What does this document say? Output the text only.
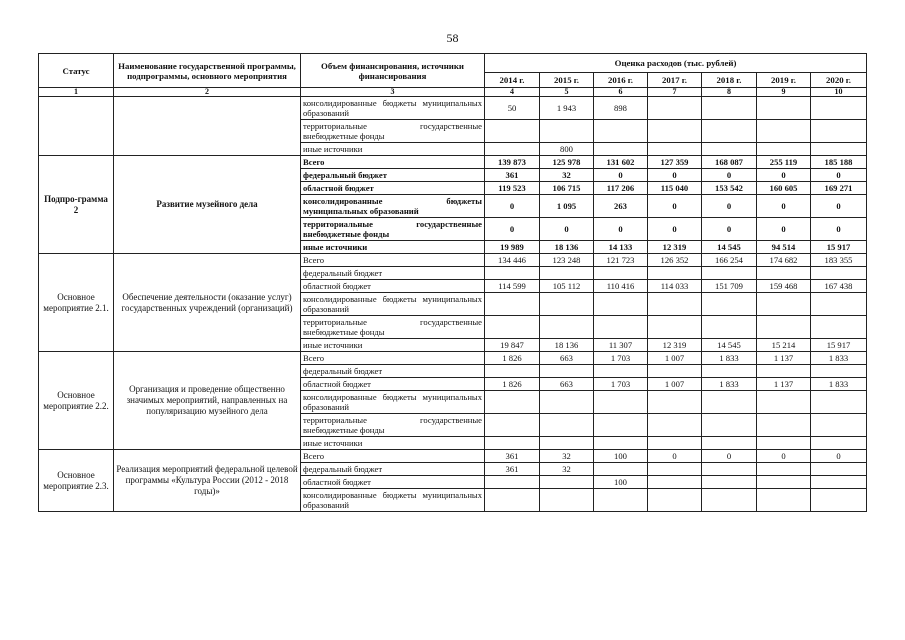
58
Статус	Наименование государственной программы, подпрограммы, основного мероприятия	Объем финансирования, источники финансирования	Оценка расходов (тыс. рублей)						
			2014 г.	2015 г.	2016 г.	2017 г.	2018 г.	2019 г.	2020 г.
1	2	3	4	5	6	7	8	9	10
		консолидированные бюджеты муниципальных образований	50	1 943	898				
		территориальные государственные внебюджетные фонды							
		иные источники		800					
Подпро-грамма 2	Развитие музейного дела	Всего	139 873	125 978	131 602	127 359	168 087	255 119	185 188
		федеральный бюджет	361	32	0	0	0	0	0
		областной бюджет	119 523	106 715	117 206	115 040	153 542	160 605	169 271
		консолидированные бюджеты муниципальных образований	0	1 095	263	0	0	0	0
		территориальные государственные внебюджетные фонды	0	0	0	0	0	0	0
		иные источники	19 989	18 136	14 133	12 319	14 545	94 514	15 917
Основное мероприятие 2.1.	Обеспечение деятельности (оказание услуг) государственных учреждений (организаций)	Всего	134 446	123 248	121 723	126 352	166 254	174 682	183 355
		федеральный бюджет							
		областной бюджет	114 599	105 112	110 416	114 033	151 709	159 468	167 438
		консолидированные бюджеты муниципальных образований							
		территориальные государственные внебюджетные фонды							
		иные источники	19 847	18 136	11 307	12 319	14 545	15 214	15 917
Основное мероприятие 2.2.	Организация и проведение общественно значимых мероприятий, направленных на популяризацию музейного дела	Всего	1 826	663	1 703	1 007	1 833	1 137	1 833
		федеральный бюджет							
		областной бюджет	1 826	663	1 703	1 007	1 833	1 137	1 833
		консолидированные бюджеты муниципальных образований							
		территориальные государственные внебюджетные фонды							
		иные источники							
Основное мероприятие 2.3.	Реализация мероприятий федеральной целевой программы «Культура России (2012 - 2018 годы)»	Всего	361	32	100	0	0	0	0
		федеральный бюджет	361	32					
		областной бюджет			100				
		консолидированные бюджеты муниципальных образований							
